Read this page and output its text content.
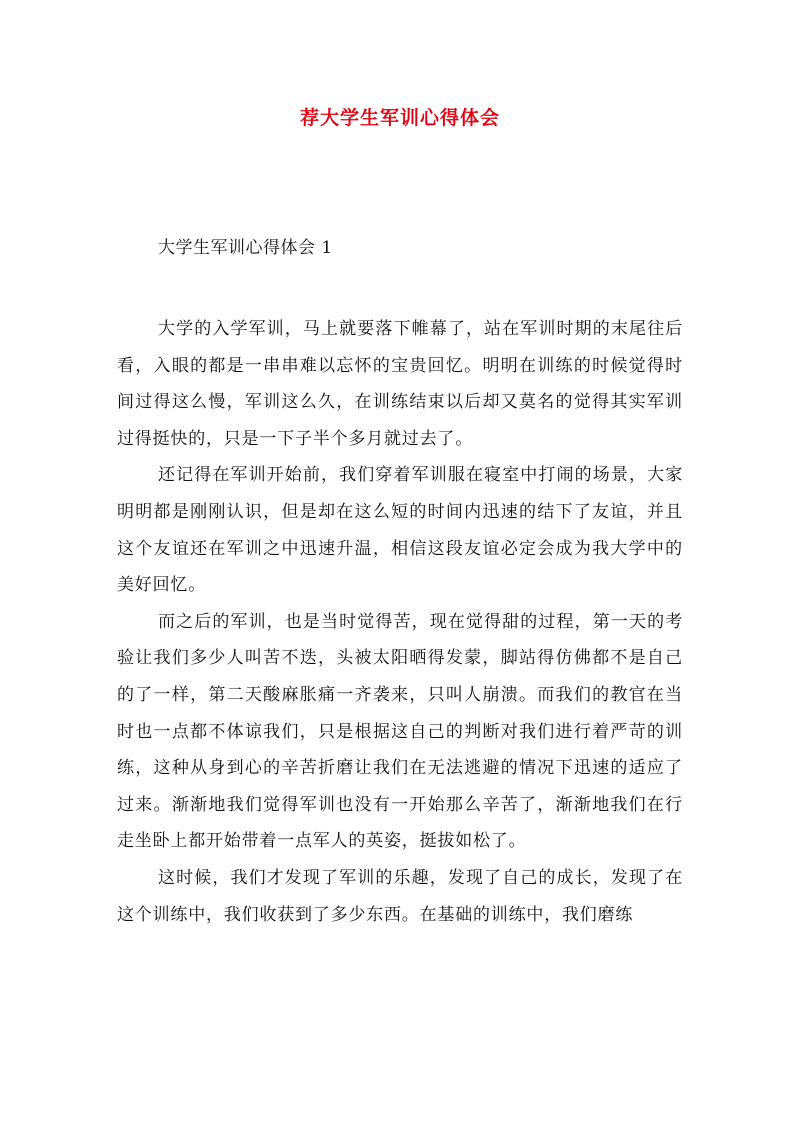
荐大学生军训心得体会
大学生军训心得体会 1

大学的入学军训，马上就要落下帷幕了，站在军训时期的末尾往后看，入眼的都是一串串难以忘怀的宝贵回忆。明明在训练的时候觉得时间过得这么慢，军训这么久，在训练结束以后却又莫名的觉得其实军训过得挺快的，只是一下子半个多月就过去了。

还记得在军训开始前，我们穿着军训服在寝室中打闹的场景，大家明明都是刚刚认识，但是却在这么短的时间内迅速的结下了友谊，并且这个友谊还在军训之中迅速升温，相信这段友谊必定会成为我大学中的美好回忆。

而之后的军训，也是当时觉得苦，现在觉得甜的过程，第一天的考验让我们多少人叫苦不迭，头被太阳晒得发蒙，脚站得仿佛都不是自己的了一样，第二天酸麻胀痛一齐袭来，只叫人崩溃。而我们的教官在当时也一点都不体谅我们，只是根据这自己的判断对我们进行着严苛的训练，这种从身到心的辛苦折磨让我们在无法逃避的情况下迅速的适应了过来。渐渐地我们觉得军训也没有一开始那么辛苦了，渐渐地我们在行走坐卧上都开始带着一点军人的英姿，挺拔如松了。

这时候，我们才发现了军训的乐趣，发现了自己的成长，发现了在这个训练中，我们收获到了多少东西。在基础的训练中，我们磨练
